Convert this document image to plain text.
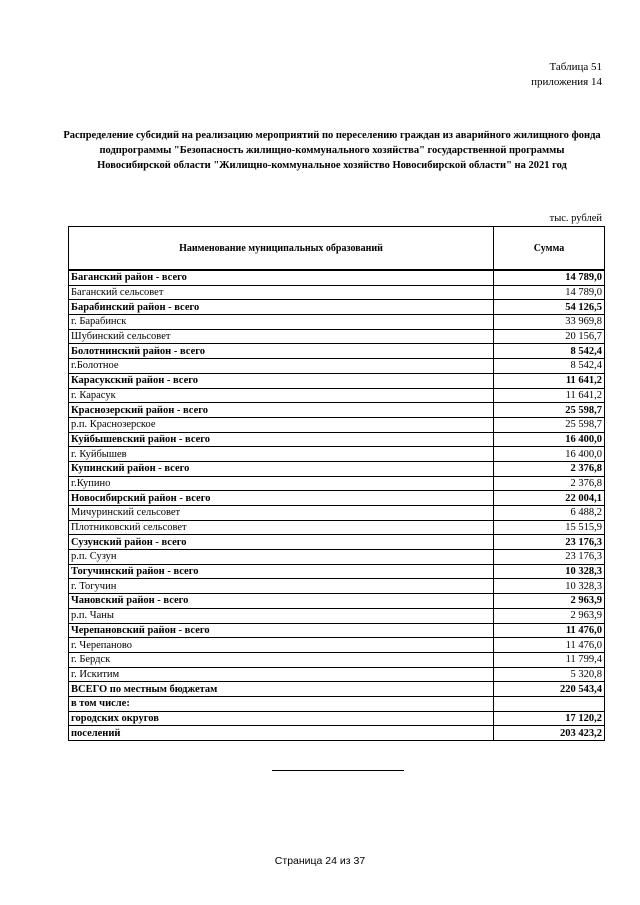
Таблица 51
приложения 14
Распределение субсидий на реализацию мероприятий по переселению граждан из аварийного жилищного фонда подпрограммы "Безопасность жилищно-коммунального хозяйства" государственной программы Новосибирской области "Жилищно-коммунальное хозяйство Новосибирской области" на 2021 год
тыс. рублей
Наименование муниципальных образований	Сумма
Баганский район - всего	14 789,0
Баганский сельсовет	14 789,0
Барабинский район - всего	54 126,5
г. Барабинск	33 969,8
Шубинский сельсовет	20 156,7
Болотнинский район - всего	8 542,4
г.Болотное	8 542,4
Карасукский район - всего	11 641,2
г. Карасук	11 641,2
Краснозерский район - всего	25 598,7
р.п. Краснозерское	25 598,7
Куйбышевский район - всего	16 400,0
г. Куйбышев	16 400,0
Купинский район - всего	2 376,8
г.Купино	2 376,8
Новосибирский район - всего	22 004,1
Мичуринский сельсовет	6 488,2
Плотниковский сельсовет	15 515,9
Сузунский район - всего	23 176,3
р.п. Сузун	23 176,3
Тогучинский район - всего	10 328,3
г. Тогучин	10 328,3
Чановский район - всего	2 963,9
р.п. Чаны	2 963,9
Черепановский район - всего	11 476,0
г. Черепаново	11 476,0
г. Бердск	11 799,4
г. Искитим	5 320,8
ВСЕГО по местным бюджетам	220 543,4
в том числе:	
городских округов	17 120,2
поселений	203 423,2
Страница 24 из 37
